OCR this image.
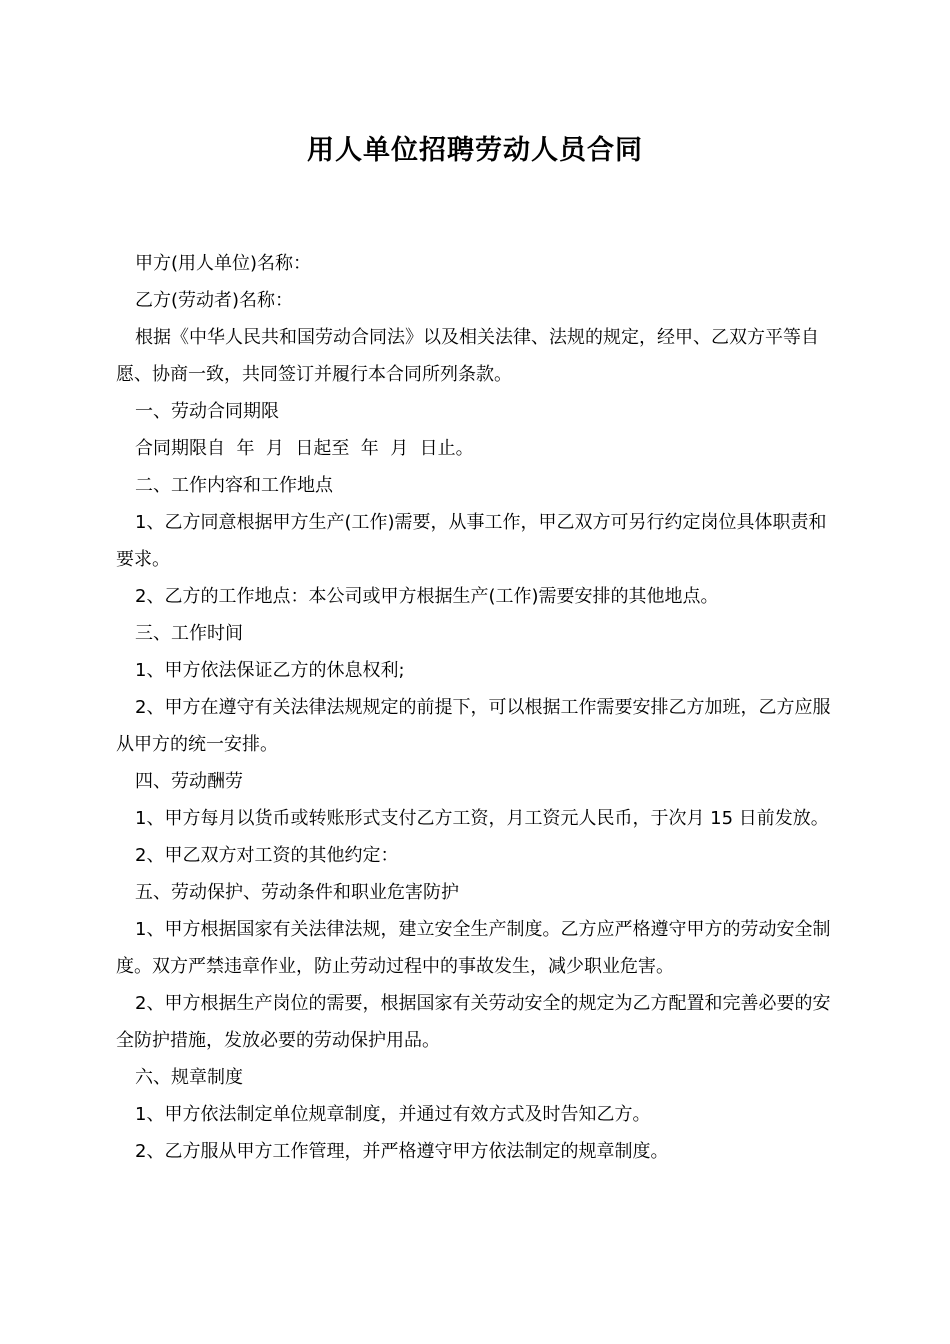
用人单位招聘劳动人员合同

甲方(用人单位)名称：

乙方(劳动者)名称：

根据《中华人民共和国劳动合同法》以及相关法律、法规的规定，经甲、乙双方平等自愿、协商一致，共同签订并履行本合同所列条款。

一、劳动合同期限

合同期限自  年  月  日起至  年  月  日止。

二、工作内容和工作地点

1、乙方同意根据甲方生产(工作)需要，从事工作，甲乙双方可另行约定岗位具体职责和要求。

2、乙方的工作地点：本公司或甲方根据生产(工作)需要安排的其他地点。

三、工作时间

1、甲方依法保证乙方的休息权利;

2、甲方在遵守有关法律法规规定的前提下，可以根据工作需要安排乙方加班，乙方应服从甲方的统一安排。

四、劳动酬劳

1、甲方每月以货币或转账形式支付乙方工资，月工资元人民币，于次月 15 日前发放。

2、甲乙双方对工资的其他约定：

五、劳动保护、劳动条件和职业危害防护

1、甲方根据国家有关法律法规，建立安全生产制度。乙方应严格遵守甲方的劳动安全制度。双方严禁违章作业，防止劳动过程中的事故发生，减少职业危害。

2、甲方根据生产岗位的需要，根据国家有关劳动安全的规定为乙方配置和完善必要的安全防护措施，发放必要的劳动保护用品。

六、规章制度

1、甲方依法制定单位规章制度，并通过有效方式及时告知乙方。

2、乙方服从甲方工作管理，并严格遵守甲方依法制定的规章制度。
